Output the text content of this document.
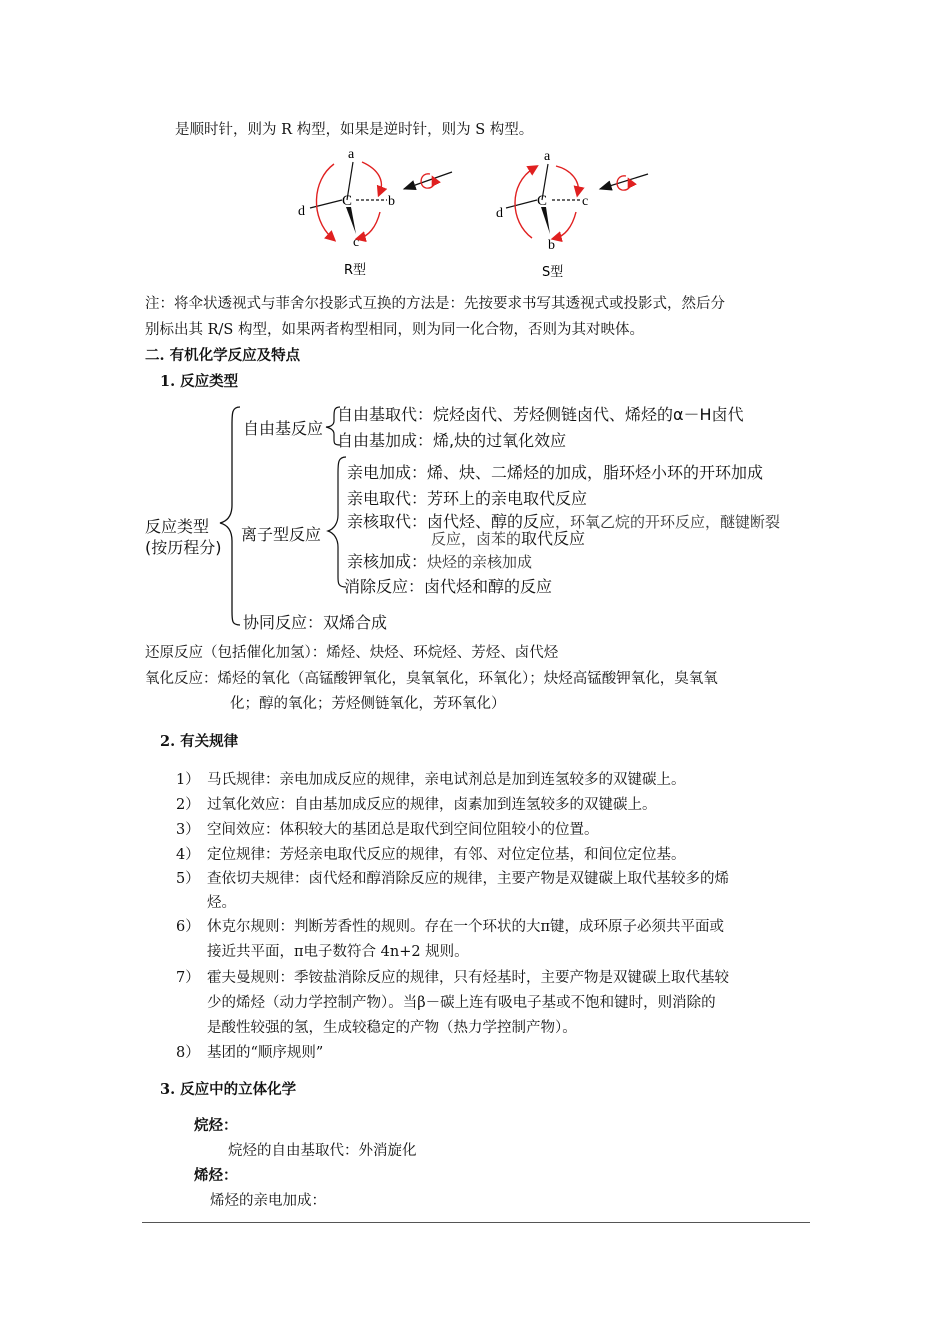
是顺时针，则为 R 构型，如果是逆时针，则为 S 构型。
C
a
b
c
d
R型
C
a
c
b
d
S型
注：将伞状透视式与菲舍尔投影式互换的方法是：先按要求书写其透视式或投影式，然后分
别标出其 R/S 构型，如果两者构型相同，则为同一化合物，否则为其对映体。
二. 有机化学反应及特点
1. 反应类型
反应类型
(按历程分)
自由基反应
自由基取代：烷烃卤代、芳烃侧链卤代、烯烃的α－H卤代
自由基加成：烯,炔的过氧化效应
离子型反应
亲电加成：烯、炔、二烯烃的加成，脂环烃小环的开环加成
亲电取代：芳环上的亲电取代反应
亲核取代：卤代烃、醇的反应，环氧乙烷的开环反应，醚键断裂
反应，卤苯的取代反应
亲核加成：炔烃的亲核加成
消除反应：卤代烃和醇的反应
协同反应：双烯合成
还原反应（包括催化加氢）：烯烃、炔烃、环烷烃、芳烃、卤代烃
氧化反应：烯烃的氧化（高锰酸钾氧化，臭氧氧化，环氧化）；炔烃高锰酸钾氧化，臭氧氧
化；醇的氧化；芳烃侧链氧化，芳环氧化）
2. 有关规律
1） 马氏规律：亲电加成反应的规律，亲电试剂总是加到连氢较多的双键碳上。
2） 过氧化效应：自由基加成反应的规律，卤素加到连氢较多的双键碳上。
3） 空间效应：体积较大的基团总是取代到空间位阻较小的位置。
4） 定位规律：芳烃亲电取代反应的规律，有邻、对位定位基，和间位定位基。
5） 查依切夫规律：卤代烃和醇消除反应的规律，主要产物是双键碳上取代基较多的烯
烃。
6） 休克尔规则：判断芳香性的规则。存在一个环状的大π键，成环原子必须共平面或
接近共平面，π电子数符合 4n+2 规则。
7） 霍夫曼规则：季铵盐消除反应的规律，只有烃基时，主要产物是双键碳上取代基较
少的烯烃（动力学控制产物）。当β－碳上连有吸电子基或不饱和键时，则消除的
是酸性较强的氢，生成较稳定的产物（热力学控制产物）。
8） 基团的“顺序规则”
3. 反应中的立体化学
烷烃：
烷烃的自由基取代：外消旋化
烯烃：
烯烃的亲电加成：
